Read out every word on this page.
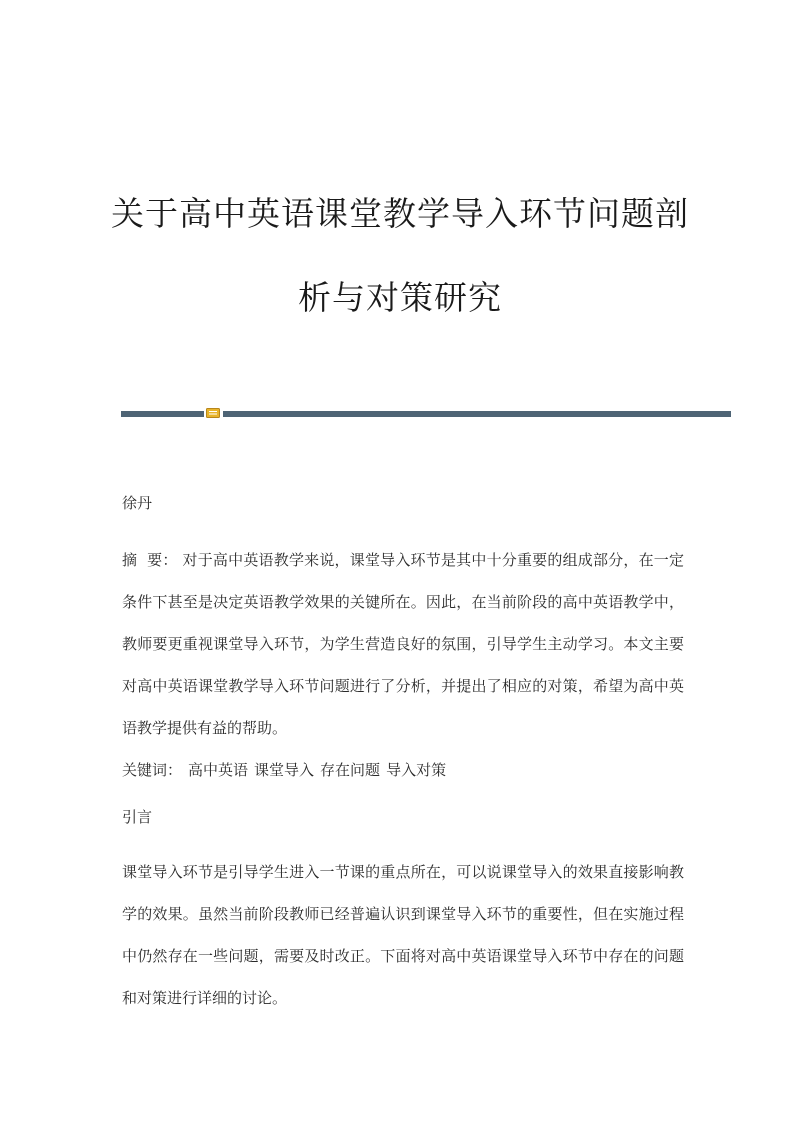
关于高中英语课堂教学导入环节问题剖
析与对策研究

徐丹

摘  要： 对于高中英语教学来说，课堂导入环节是其中十分重要的组成部分，在一定条件下甚至是决定英语教学效果的关键所在。因此，在当前阶段的高中英语教学中，教师要更重视课堂导入环节，为学生营造良好的氛围，引导学生主动学习。本文主要对高中英语课堂教学导入环节问题进行了分析，并提出了相应的对策，希望为高中英语教学提供有益的帮助。

关键词： 高中英语 课堂导入 存在问题 导入对策

引言

课堂导入环节是引导学生进入一节课的重点所在，可以说课堂导入的效果直接影响教学的效果。虽然当前阶段教师已经普遍认识到课堂导入环节的重要性，但在实施过程中仍然存在一些问题，需要及时改正。下面将对高中英语课堂导入环节中存在的问题和对策进行详细的讨论。
